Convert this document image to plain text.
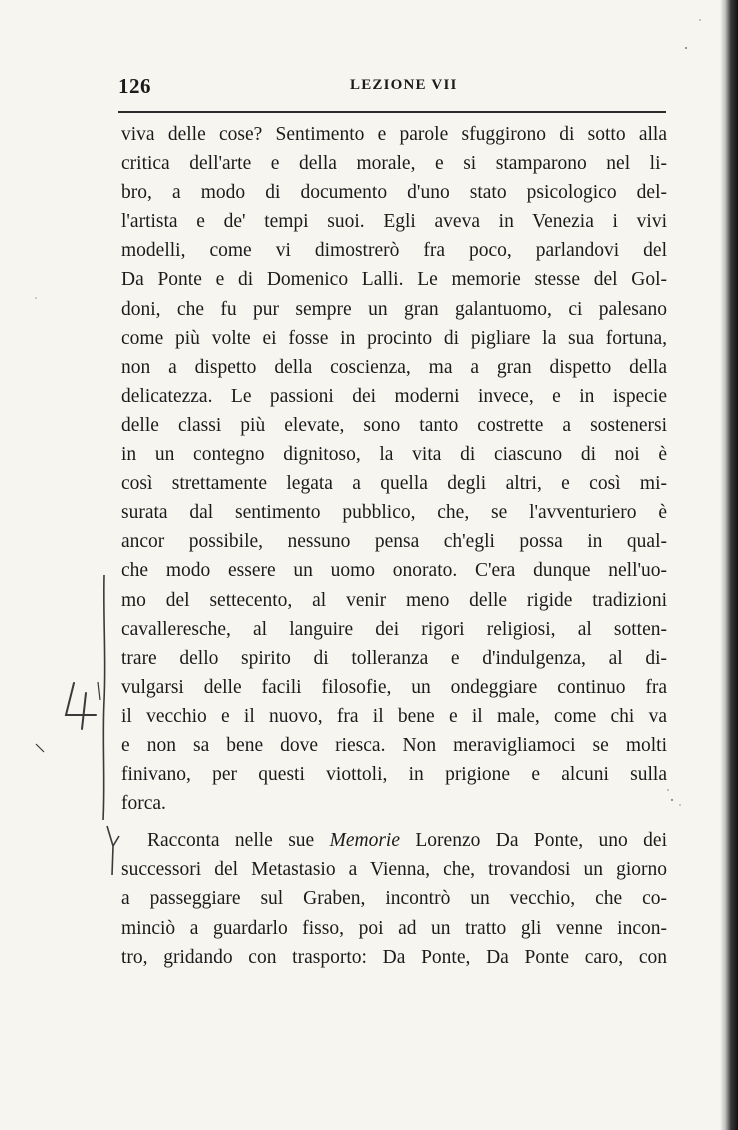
126	LEZIONE VII
viva delle cose? Sentimento e parole sfuggirono di sotto alla
critica dell'arte e della morale, e si stamparono nel li-
bro, a modo di documento d'uno stato psicologico del-
l'artista e de' tempi suoi. Egli aveva in Venezia i vivi
modelli, come vi dimostrerò fra poco, parlandovi del
Da Ponte e di Domenico Lalli. Le memorie stesse del Gol-
doni, che fu pur sempre un gran galantuomo, ci palesano
come più volte ei fosse in procinto di pigliare la sua fortuna,
non a dispetto della coscienza, ma a gran dispetto della
delicatezza. Le passioni dei moderni invece, e in ispecie
delle classi più elevate, sono tanto costrette a sostenersi
in un contegno dignitoso, la vita di ciascuno di noi è
così strettamente legata a quella degli altri, e così mi-
surata dal sentimento pubblico, che, se l'avventuriero è
ancor possibile, nessuno pensa ch'egli possa in qual-
che modo essere un uomo onorato. C'era dunque nell'uo-
mo del settecento, al venir meno delle rigide tradizioni
cavalleresche, al languire dei rigori religiosi, al sotten-
trare dello spirito di tolleranza e d'indulgenza, al di-
vulgarsi delle facili filosofie, un ondeggiare continuo fra
il vecchio e il nuovo, fra il bene e il male, come chi va
e non sa bene dove riesca. Non meravigliamoci se molti
finivano, per questi viottoli, in prigione e alcuni sulla
forca.
Racconta nelle sue Memorie Lorenzo Da Ponte, uno dei
successori del Metastasio a Vienna, che, trovandosi un giorno
a passeggiare sul Graben, incontrò un vecchio, che co-
minciò a guardarlo fisso, poi ad un tratto gli venne incon-
tro, gridando con trasporto: Da Ponte, Da Ponte caro, con
